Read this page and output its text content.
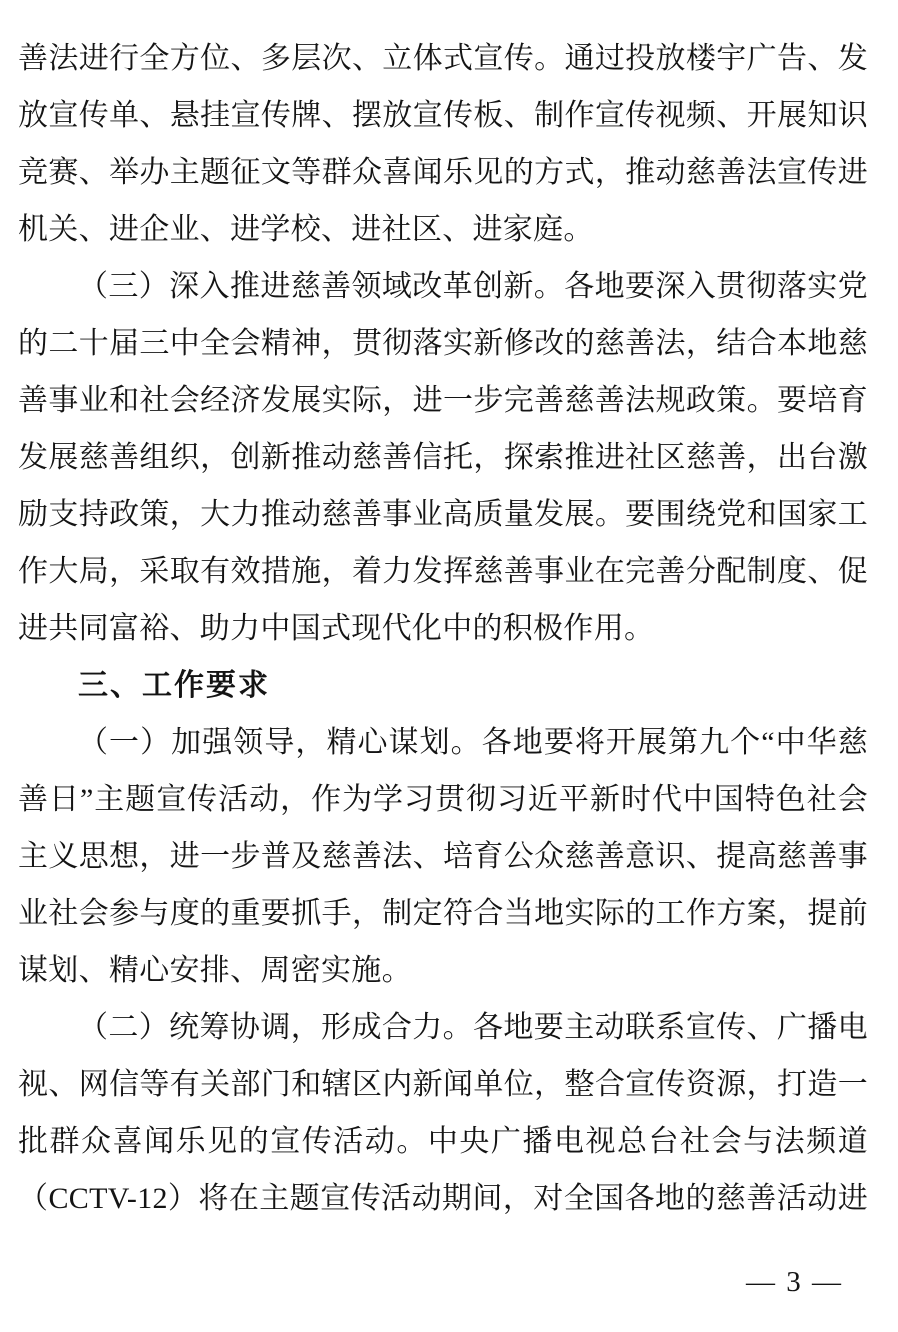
善法进行全方位、多层次、立体式宣传。通过投放楼宇广告、发
放宣传单、悬挂宣传牌、摆放宣传板、制作宣传视频、开展知识
竞赛、举办主题征文等群众喜闻乐见的方式，推动慈善法宣传进
机关、进企业、进学校、进社区、进家庭。
（三）深入推进慈善领域改革创新。各地要深入贯彻落实党
的二十届三中全会精神，贯彻落实新修改的慈善法，结合本地慈
善事业和社会经济发展实际，进一步完善慈善法规政策。要培育
发展慈善组织，创新推动慈善信托，探索推进社区慈善，出台激
励支持政策，大力推动慈善事业高质量发展。要围绕党和国家工
作大局，采取有效措施，着力发挥慈善事业在完善分配制度、促
进共同富裕、助力中国式现代化中的积极作用。
三、工作要求
（一）加强领导，精心谋划。各地要将开展第九个“中华慈
善日”主题宣传活动，作为学习贯彻习近平新时代中国特色社会
主义思想，进一步普及慈善法、培育公众慈善意识、提高慈善事
业社会参与度的重要抓手，制定符合当地实际的工作方案，提前
谋划、精心安排、周密实施。
（二）统筹协调，形成合力。各地要主动联系宣传、广播电
视、网信等有关部门和辖区内新闻单位，整合宣传资源，打造一
批群众喜闻乐见的宣传活动。中央广播电视总台社会与法频道
（CCTV-12）将在主题宣传活动期间，对全国各地的慈善活动进
— 3 —
